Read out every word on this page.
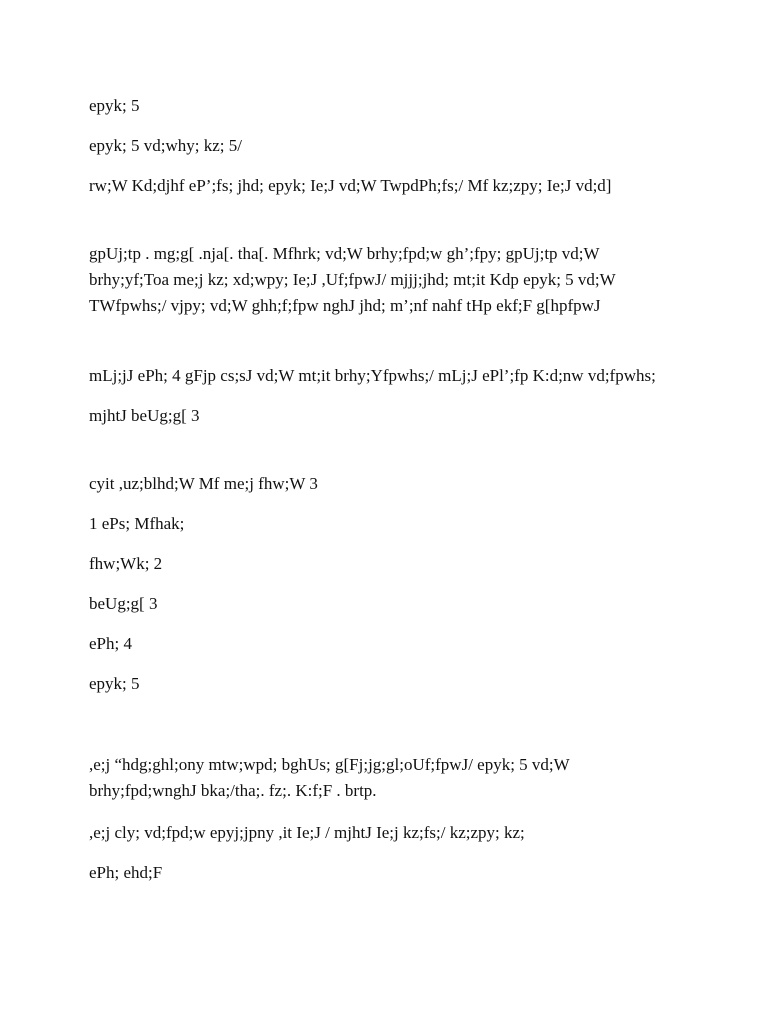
epyk; 5

epyk; 5 vd;why; kz; 5/

rw;W Kd;djhf eP’;fs; jhd; epyk; Ie;J vd;W TwpdPh;fs;/ Mf kz;zpy; Ie;J vd;d]

gpUj;tp . mg;g[ .nja[. tha[. Mfhrk; vd;W brhy;fpd;w gh’;fpy; gpUj;tp vd;W brhy;yf;Toa me;j kz; xd;wpy; Ie;J ,Uf;fpwJ/ mjjj;jhd; mt;it Kdp epyk; 5 vd;W TWfpwhs;/ vjpy; vd;W ghh;f;fpw nghJ jhd; m’;nf nahf tHp ekf;F g[hpfpwJ

mLj;jJ ePh; 4 gFjp cs;sJ vd;W mt;it brhy;Yfpwhs;/ mLj;J ePl’;fp K:d;nw vd;fpwhs;

mjhtJ beUg;g[ 3

cyit ,uz;blhd;W Mf me;j fhw;W 3

1 ePs; Mfhak;

fhw;Wk; 2

beUg;g[ 3

ePh; 4

epyk; 5

,e;j “hdg;ghl;ony mtw;wpd; bghUs; g[Fj;jg;gl;oUf;fpwJ/ epyk; 5 vd;W brhy;fpd;wnghJ bka;/tha;. fz;. K:f;F . brtp.

,e;j cly; vd;fpd;w epyj;jpny ,it Ie;J / mjhtJ Ie;j kz;fs;/ kz;zpy; kz;

ePh; ehd;F
